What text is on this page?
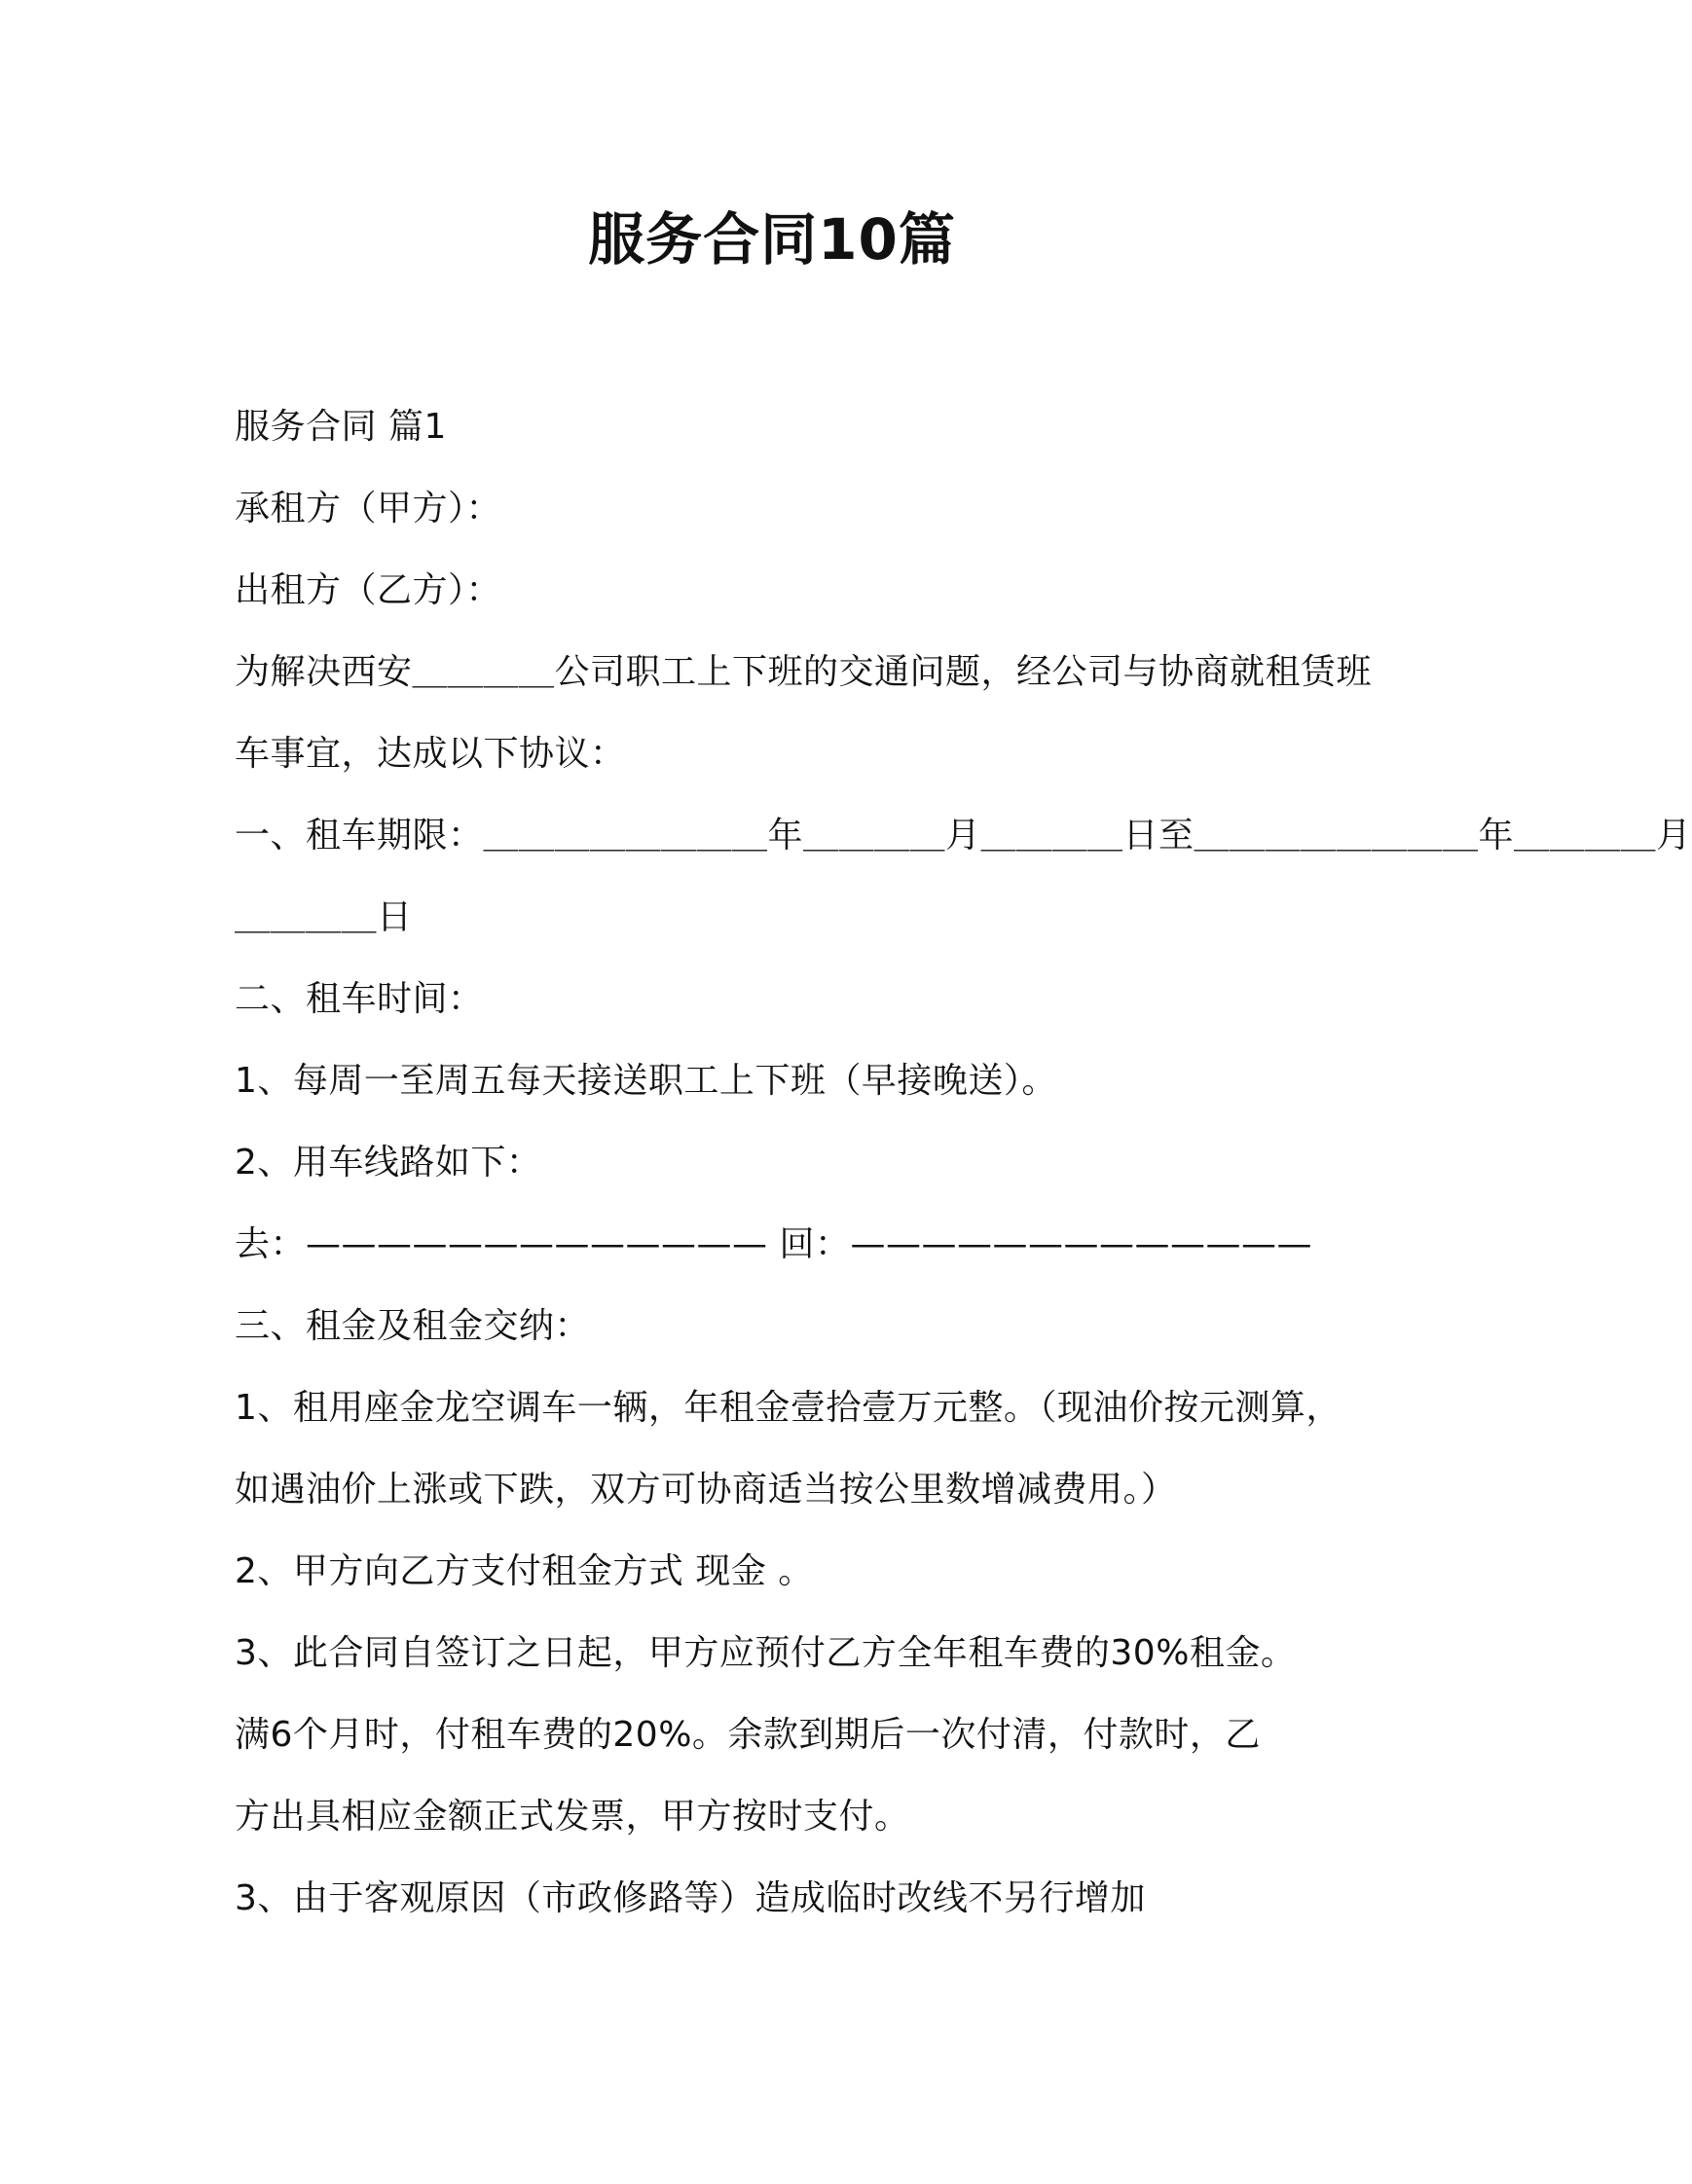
服务合同10篇
服务合同 篇1
承租方（甲方）：
出租方（乙方）：
为解决西安＿＿＿＿公司职工上下班的交通问题，经公司与协商就租赁班
车事宜，达成以下协议：
一、租车期限：＿＿＿＿＿＿＿＿年＿＿＿＿月＿＿＿＿日至＿＿＿＿＿＿＿＿年＿＿＿＿月
＿＿＿＿日
二、租车时间：
1、每周一至周五每天接送职工上下班（早接晚送）。
2、用车线路如下：
去：————————————— 回：—————————————
三、租金及租金交纳：
1、租用座金龙空调车一辆，年租金壹拾壹万元整。（现油价按元测算，
如遇油价上涨或下跌，双方可协商适当按公里数增减费用。）
2、甲方向乙方支付租金方式 现金 。
3、此合同自签订之日起，甲方应预付乙方全年租车费的30%租金。
满6个月时，付租车费的20%。余款到期后一次付清，付款时，乙
方出具相应金额正式发票，甲方按时支付。
3、由于客观原因（市政修路等）造成临时改线不另行增加
